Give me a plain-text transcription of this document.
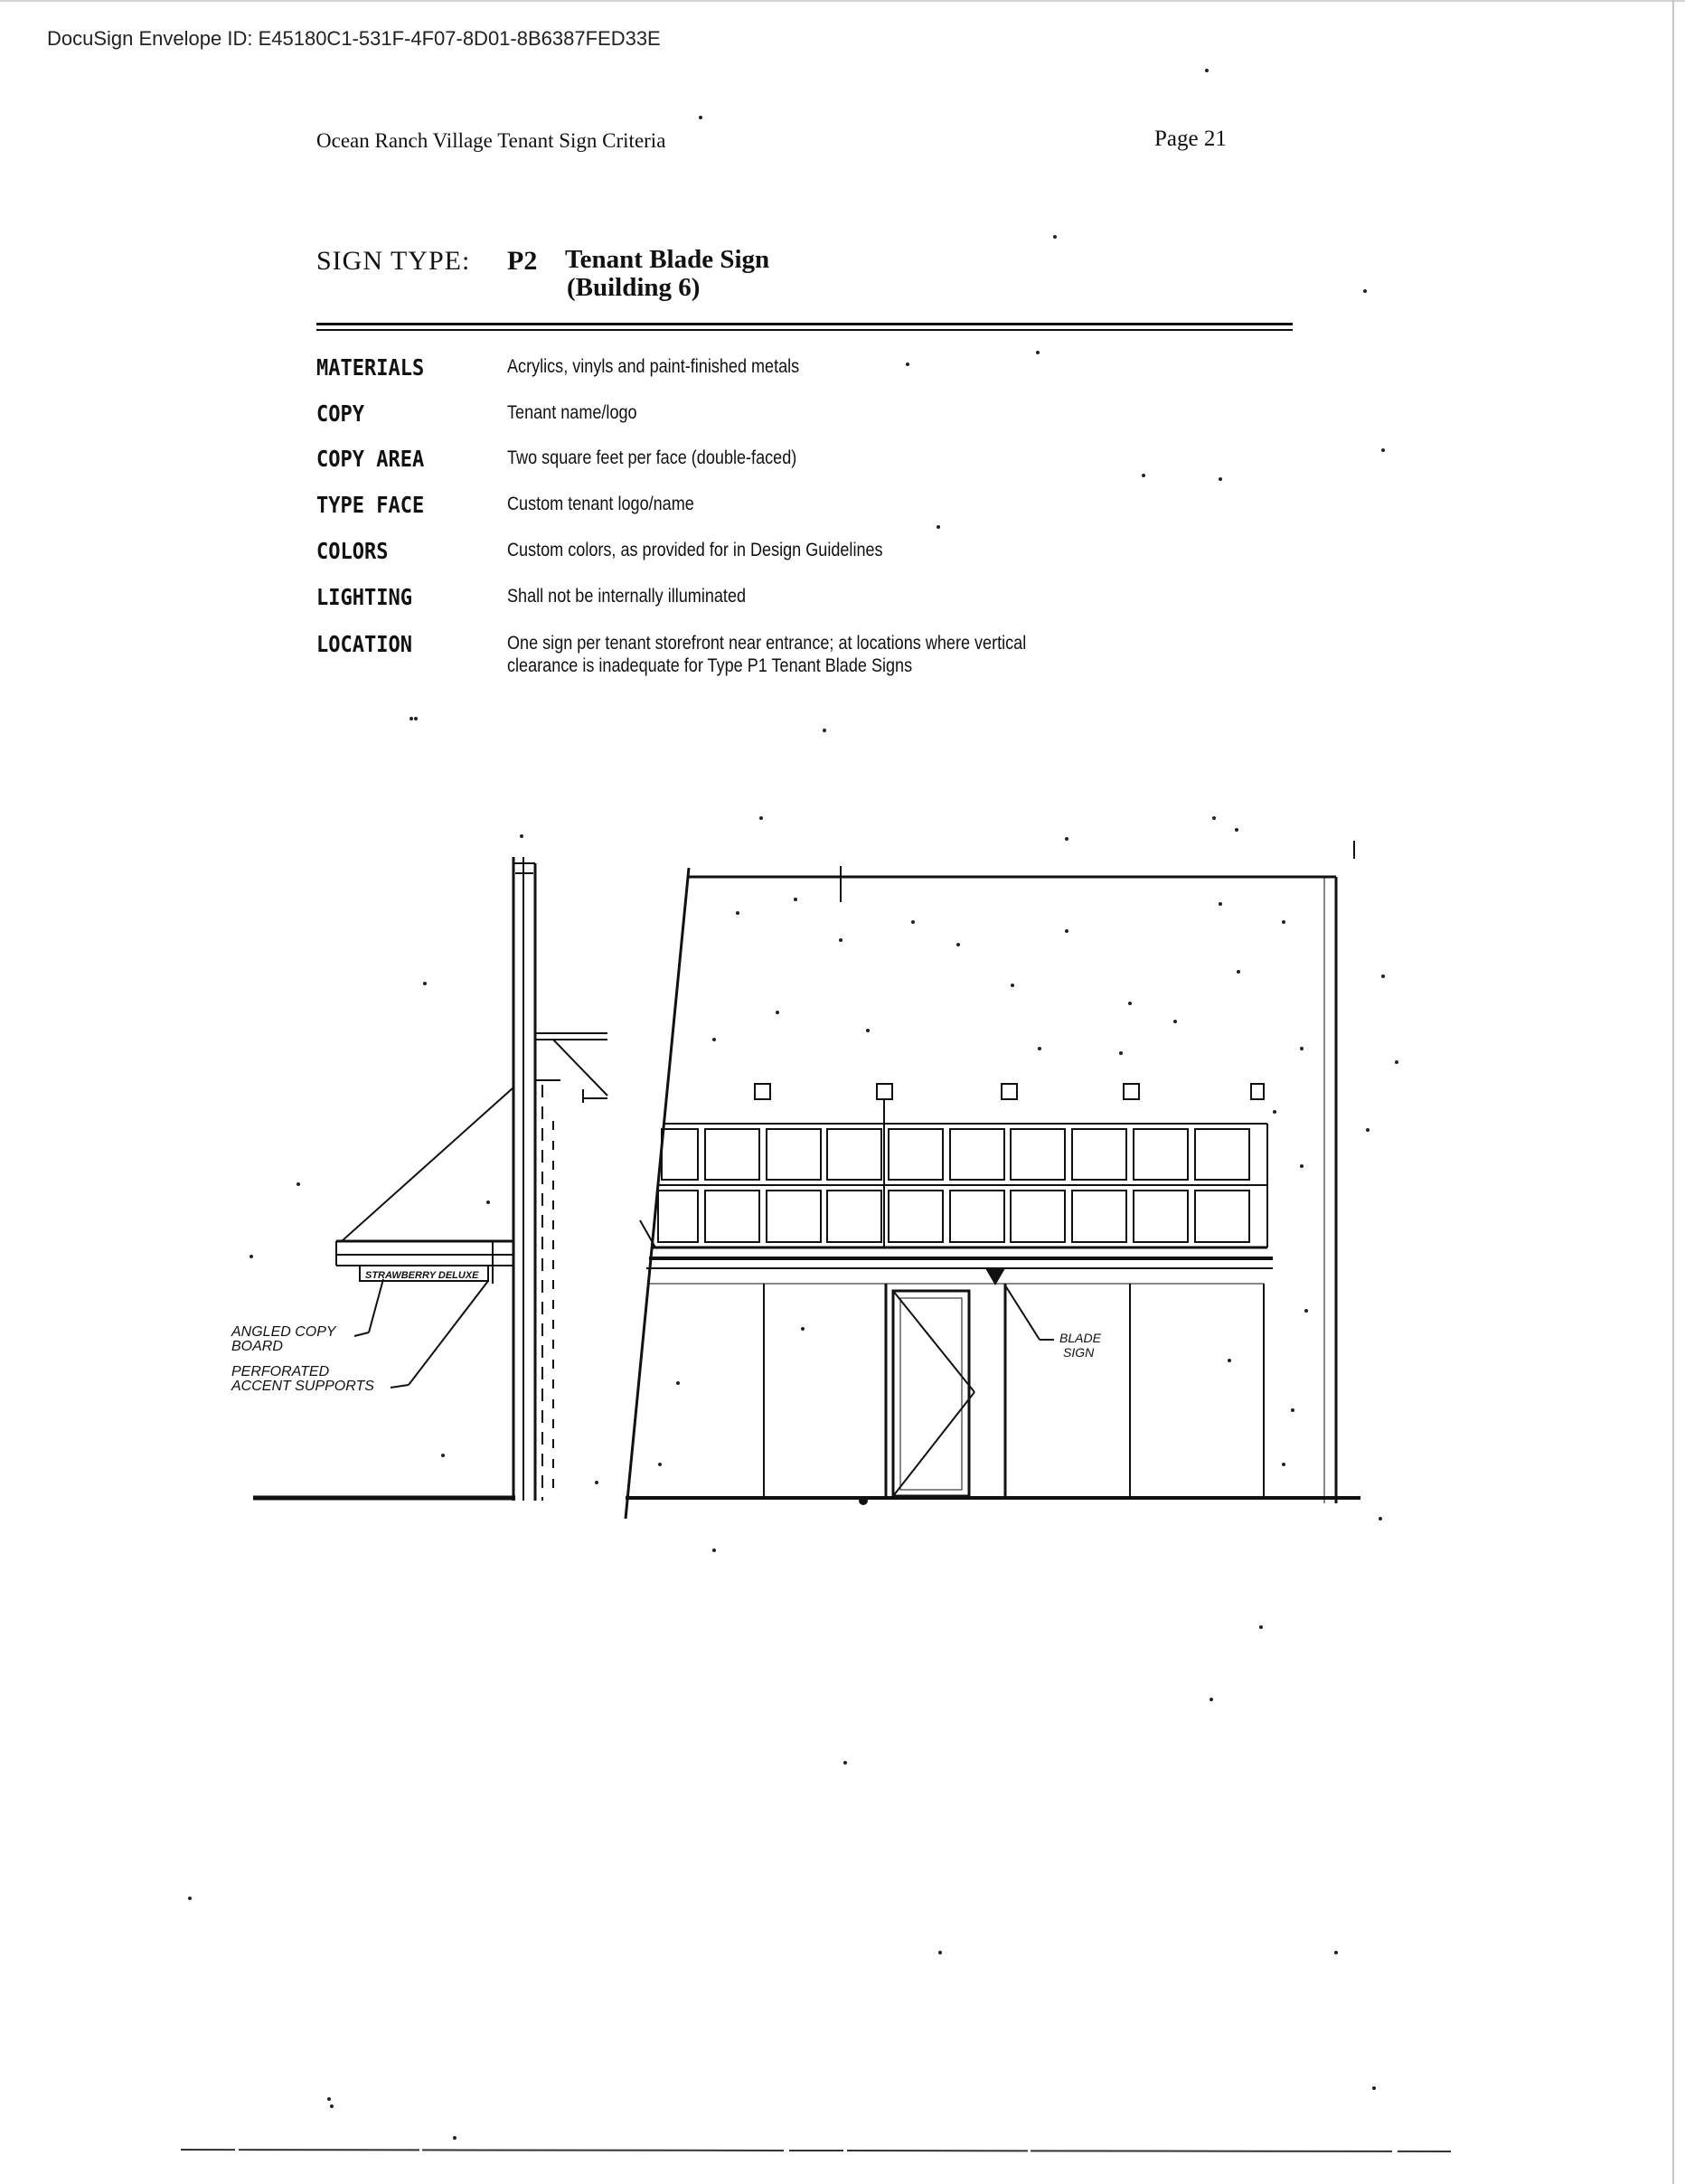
DocuSign Envelope ID: E45180C1-531F-4F07-8D01-8B6387FED33E
Ocean Ranch Village Tenant Sign Criteria	Page 21
SIGN TYPE: P2 Tenant Blade Sign
(Building 6)
MATERIALS	Acrylics, vinyls and paint-finished metals
COPY	Tenant name/logo
COPY AREA	Two square feet per face (double-faced)
TYPE FACE	Custom tenant logo/name
COLORS	Custom colors, as provided for in Design Guidelines
LIGHTING	Shall not be internally illuminated
LOCATION	One sign per tenant storefront near entrance; at locations where vertical clearance is inadequate for Type P1 Tenant Blade Signs
STRAWBERRY DELUXE
ANGLED COPY
BOARD
PERFORATED
ACCENT SUPPORTS
BLADE
SIGN
